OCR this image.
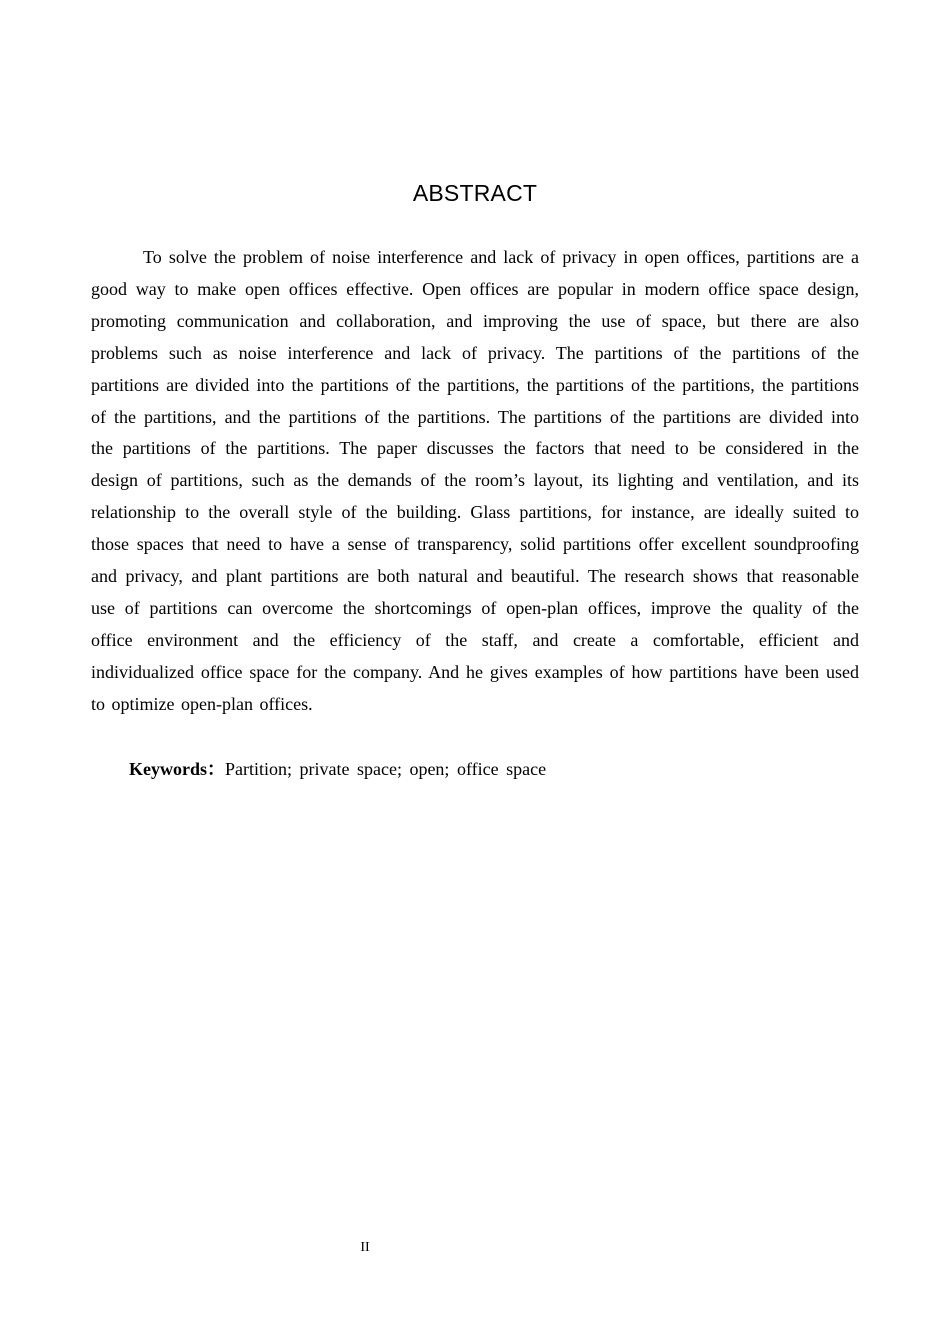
ABSTRACT

To solve the problem of noise interference and lack of privacy in open offices, partitions are a good way to make open offices effective. Open offices are popular in modern office space design, promoting communication and collaboration, and improving the use of space, but there are also problems such as noise interference and lack of privacy. The partitions of the partitions of the partitions are divided into the partitions of the partitions, the partitions of the partitions, the partitions of the partitions, and the partitions of the partitions. The partitions of the partitions are divided into the partitions of the partitions. The paper discusses the factors that need to be considered in the design of partitions, such as the demands of the room’s layout, its lighting and ventilation, and its relationship to the overall style of the building. Glass partitions, for instance, are ideally suited to those spaces that need to have a sense of transparency, solid partitions offer excellent soundproofing and privacy, and plant partitions are both natural and beautiful. The research shows that reasonable use of partitions can overcome the shortcomings of open-plan offices, improve the quality of the office environment and the efficiency of the staff, and create a comfortable, efficient and individualized office space for the company. And he gives examples of how partitions have been used to optimize open-plan offices.

Keywords：Partition; private space; open; office space
II
